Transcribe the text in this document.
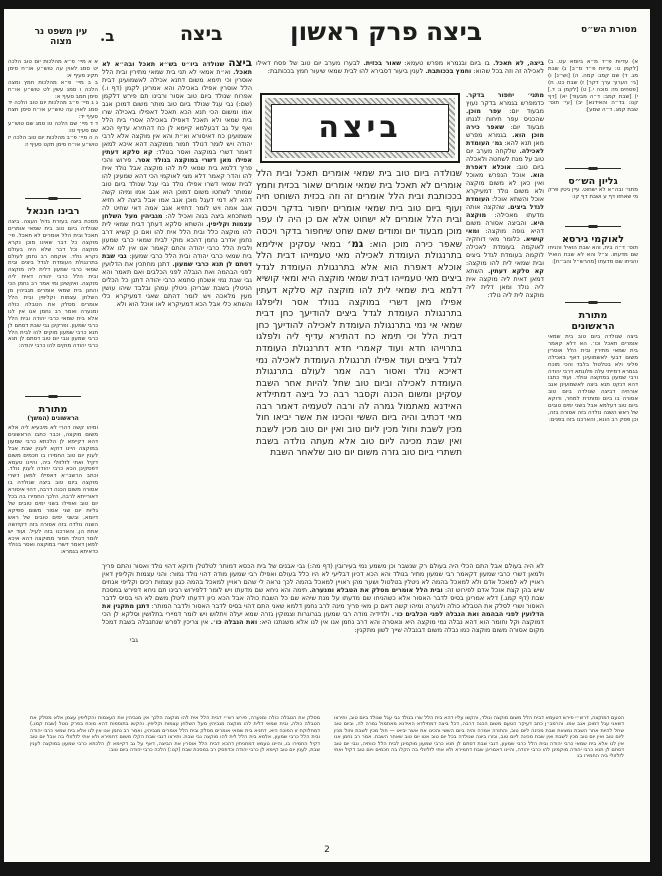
עין משפט נר מצוה	ב.	ביצה	פרק ראשון ביצה	מסורת הש״ס
א) עדיות פ״ד מ״א ביומא עט. ב) [לקמן ט: עדיות פ״ד מ״ב] ג) שבת מג. ד) שם קמג: קמה. ה) [וש״נ] ו) [גי׳ הערוך ערך דקר] ז) שבת כט. ח) [פסחים מז: סוכה י.] ט) [לקמן ג: ד.] י) [שבת קמב: ד״ה מבעוד] יא) [דף קנו: בד״ה והאידנא] יב) [עי׳ תוס׳ שבת קמג. ד״ה שמע]:
גליון הש״ס
מתני׳ ובה״א לא ישחוט. עיין גיטין פרק מי שאחזו דף ע ושבת דף קו:
לאוקמי גירסא
תוס׳ ד״ה בית, והא שבת הואיל והניחו שם מדעתו. צ״ל והא לא שבת הואיל והניחו שם מדעתו [מהרש״ל והב״ח]:
מתורת
הראשונים
ביצה שנולדה ביום טוב בית שמאי אומרים תאכל וכו׳. הא דלא קאמר בית שמאי מתירין ובית הלל אוסרין משום דבעי לאשמועינן דאף באכילה פליגי ולא בטלטול בלבד והכי מוכח בגמרא דמייתי עלה פלוגתא דרבי יהודה ורבי שמעון במוקצה ונולד. ועוד כתבו דהא דנקט תנא ביצה לאשמועינן אגב אורחיה דביצה שנולדה ביום טוב אסורה בו ביום ומותרת למחר, ודוקא ביום טוב דעלמא אבל בשני ימים טובים של ראש השנה נולדה בזה אסורה בזה, וכן פסק רב הונא, והארכנו בזה בפנים:
ביצה, לא תאכל. בו ביום ובגמרא מפרש טעמא: שאור בכזית. לבערו מערב יום טוב של פסח דאילו לאכילה זה וזה בכל שהוא: וחמץ בככותבת. לענין ביעור דסבירא להו לבית שמאי שיעור חמץ בככותבת:
מתני׳ יחפור בדקר. כדמפרש בגמרא בדקר נעוץ מבעוד יום: עפר מוכן. שהכניס עפר תיחוח לגנתו מבעוד יום: שאפר כירה מוכן הוא. בגמרא מפרש מאן תנא להא: גמ׳ העומדת לאכילה. שלקחה מערב יום טוב על מנת לשחטה ולאכלה ביום טוב: אוכלא דאפרת הוא. אוכל הנפרש מאוכל ואין כאן לא משום מוקצה ולא משום נולד דמעיקרא אוכל והשתא אוכל: העומדת לגדל ביצים. שהקצה אותה מדעתו מאכילה: מוקצה היא. והביצה אסורה משום דהיא גופה מוקצה: ומאי קושיא. כלומר מאי דוחקיה לאוקמה בעומדת לאכילה לוקמה בעומדת לגדל ביצים ובית שמאי לית להו מוקצה: קא סלקא דעתין. השתא דמאן דאית ליה מוקצה אית ליה נולד ומאן דלית ליה מוקצה לית ליה נולד:
ביצה
שנולדה ביום טוב בית שמאי אומרים תאכל ובית הלל אומרים לא תאכל בית שמאי אומרים שאור בכזית וחמץ בככותבת ובית הלל אומרים זה וזה בכזית השוחט חיה ועוף ביום טוב בית שמאי אומרים יחפור בדקר ויכסה ובית הלל אומרים לא ישחוט אלא אם כן היה לו עפר מוכן מבעוד יום ומודים שאם שחט שיחפור בדקר ויכסה שאפר כירה מוכן הוא: גמ׳ במאי עסקינן אילימא בתרנגולת העומדת לאכילה מאי טעמייהו דבית הלל אוכלא דאפרת הוא אלא בתרנגולת העומדת לגדל ביצים מאי טעמייהו דבית שמאי מוקצה היא ומאי קושיא דלמא בית שמאי לית להו מוקצה קא סלקא דעתין אפילו מאן דשרי במוקצה בנולד אסר וליפלגו בתרנגולת העומדת לגדל ביצים להודיעך כחן דבית שמאי אי נמי בתרנגולת העומדת לאכילה להודיעך כחן דבית הלל וכי תימא כח דהתירא עדיף ליה ולפלגו בתרוייהו חדא ועוד קאמרי חדא דתרנגולת העומדת לגדל ביצים ועוד אפילו תרנגולת העומדת לאכילה נמי דאיכא נולד ואסור רבה אמר לעולם בתרנגולת העומדת לאכילה וביום טוב שחל להיות אחר השבת עסקינן ומשום הכנה וקסבר רבה כל ביצה דמתילדא האידנא מאתמול גמרה לה ורבה לטעמיה דאמר רבה מאי דכתיב והיה ביום הששי והכינו את אשר יביאו חול מכין לשבת וחול מכין ליום טוב ואין יום טוב מכין לשבת ואין שבת מכינה ליום טוב אלא מעתה נולדה בשבת תשתרי ביום טוב גזרה משום יום טוב שלאחר השבת
ביצה שנולדה ביו״ט בש״א תאכל ובה״א לא תאכל. וא״ת אמאי לא תני בית שמאי מתירין ובית הלל אוסרין וכי תימא משום דתנא אכילה לאשמועינן דבית הלל אוסרין אפילו באכילה והא אמרינן לקמן (דף ו.) אפרוח שנולד ביום טוב אסור ורבינו תם פירש דלקמן (שם:) גבי עגל שנולד ביום טוב מותר משום דמוכן אגב אמו ומשום הכי תנא הכא תאכל דאפילו באכילה שרו בית שמאי ולא תאכל דאפילו באכילה אסרי בית הלל ואף על גב דבעלמא קיימא לן כח דהתירא עדיף הכא אשמועינן כח דאיסורא וא״ת והא אין מוקצה אלא לרבי יהודה ויש לומר דנולד חמור ממוקצה דהא איכא למאן דאמר דשרי במוקצה ואסר בנולד: קא סלקא דעתין אפילו מאן דשרי במוקצה בנולד אסר. פירוש והכי פריך דלמא בית שמאי לית להו מוקצה אבל נולד אית להו והדר קאמר דלא מצי לאוקמי הכי דהא שמעינן להו לבית שמאי דשרו אפילו נולד גבי עגל שנולד ביום טוב שמותר לשחטו משום דמוכן הוא אגב אמו ומיהו קשה דהא לא דמי דעגל מוכן אגב אמו אבל ביצה לא חזיא אגב אמה ויש לומר דחזיא אגב אמה דאי שחיט לה משתכחא ביצה בגוה ואכיל לה: מגביהין מעל השלחן עצמות וקליפין. והשתא סלקא דעתך דבית שמאי לית להו מוקצה כלל ובית הלל אית להו ואם כן קשיא דרב נחמן אדרב נחמן דהכא מוקי לבית שמאי כרבי שמעון ולבית הלל כרבי יהודה והתם קאמר אנו אין לנו אלא בית שמאי כרבי יהודה ובית הלל כרבי שמעון: גבי שבת דסתם לן תנא כרבי שמעון. דתנן מחתכין את הדלועין לפני הבהמה ואת הנבלה לפני הכלבים ואם תאמר והא גבי שבת נמי אשכחן סתמא כרבי יהודה דתנן כל הכלים הניטלין בשבת שבריהן ניטלין עמהן ובלבד שיהו עושין מעין מלאכה ויש לומר דהתם שאני דמעיקרא כלי והשתא כלי אבל הכא דמעיקרא לאו אוכל הוא ולא
לא היה בעולם אבל התם הכלי היה בעולם רק שנשבר וכן משמע נמי בעירובין (דף מה:) גבי אבנים של בית הכסא דמותר לטלטלן ודוקא דהוי נולד ואסור והתם פריך ולמאן דשרי כרבי שמעון דקאמר רבי שמעון מתיר בנולד והא הכא דכיון דבליעי לא היו כלל בעולם ואפילו רבי שמעון מודה דהוי נולד גמור: והני עצמות וקליפין דאין ראויין לא למאכל אדם ולא למאכל בהמה לא ניטלין בטלטול ושער מהן ראויין למאכל בהמה לכך נראה לי שהם ראויין למאכל בהמה כגון עצמות רכים וקליפי אגוזים שיש בהן קצת אוכל אדם לפירוש זה: ובית הלל אומרים מסלק את הטבלא ומנערה. תימה והא ניחא שם מדעתו ויש לומר דלפירוש רבינו תם ניחא דפירש במסכת שבת (דף קמג.) דלא אמרינן בסיס לדבר האסור אלא כשהניחו שם מדעתו על מנת שיהא שם כל השבת כולה אבל הכא כיון דדעתו ליטלן משם לא הוי בסיס לדבר האסור ושרי לסלק את הטבלא כולה ולנערה ומיהו קשה דאם כן מאי פריך מינה לרב נחמן דלמא שאני התם דהוי בסיס לדבר האסור ולדבר המותר: דתנן מתקנין את הדלועין לפני הבהמה ואת הנבלה לפני הכלבים כו׳. ולדידיה מודה רבי שמעון בגרוגרות וצמוקין גזרה שמא יעלה ויתלוש ויש לומר דמיירי בתלושין וסלקא לן הכי דמוקצה וקל וחומר הוא דהא נבלה נמי מוקצה היא ונאסרה והא דרב נחמן אנו אין לנו אלא משנתנו היא: ואת הנבלה כו׳. אין צריכין לפרש שנתנבלה בשבת דמכל מקום אסורה משום מוקצה כמו נבלה משום דבנבלה שייך לשון מתקנין:
גבי
א א מיי׳ פ״א מהלכות יום טוב הלכה יט סמג לאוין עה טוש״ע או״ח סימן תקיג סעיף א:
ב ב מיי׳ פ״א מהלכות חמץ ומצה הלכה ו סמג עשין לט טוש״ע או״ח סימן תמב סעיף א:
ג ג מיי׳ פ״ב מהלכות יום טוב הלכה יד סמג לאוין עה טוש״ע או״ח סימן תצח סעיף יד:
ד ד מיי׳ שם הלכה טו סמג שם טוש״ע שם סעיף טו:
ה ה מיי׳ פ״ב מהלכות יום טוב הלכה יז טוש״ע או״ח סימן תקט סעיף ז:
רבינו חננאל
מסכת ביצה בעזרת גדול העצה. ביצה שנולדה ביום טוב בית שמאי אומרים תאכל ובית הלל אומרים לא תאכל. פי׳ מוקצה כל דבר שאינו מוכן נקרא מוקצה וכל דבר שלא היה בעולם נקרא נולד. אוקמה רב נחמן לעולם בתרנגולת העומדת לגדל ביצים ובית שמאי כרבי שמעון דלית ליה מוקצה ובית הלל כרבי יהודה דאית ליה מוקצה. ואקשינן ומי אמר רב נחמן הכי והתנן בית שמאי אומרים מגביהין מן השלחן עצמות וקליפין ובית הלל אומרים מסלק את הטבלה כולה ומנערה ואמר רב נחמן אנו אין לנו אלא בית שמאי כרבי יהודה ובית הלל כרבי שמעון. ופרקינן גבי שבת דסתם לן תנא כרבי שמעון מוקים להו לבית הלל כרבי שמעון וגבי יום טוב דסתם לן תנא כרבי יהודה מוקים להו כרבי יהודה:
מתורת
הראשונים (המשך)
ומיהו קשה דהרי לא מיבעיא ליה אלא משום מוקצה, וכבר כתבו הראשונים דהא דקיימא לן הלכתא כרבי שמעון במוקצה היינו דוקא לענין שבת אבל לענין יום טוב החמירו בו חכמים משום דקיל ואתי לזלזולי ביה, והיינו טעמא דפסקינן הכא כרבי יהודה לענין נולד. וכתב הרשב״א דאפילו למאן דשרי מוקצה ביום טוב ביצה שנולדה בו אסורה משום הכנה דרבה, דהוי איסורא דאורייתא לרבה, הלכך החמירו בה בכל יום טוב ואפילו בשני ימים טובים של גליות יום שני אסור משום ספיקא דיומא, ובשני ימים טובים של ראש השנה נולדה בזה אסורה בזה דקדושה אחת הן, והארכנו בזה לעיל. ועוד יש לומר דנולד חמור ממוקצה דהא איכא למאן דאמר דשרי במוקצה ואסר בנולד כדאיתא בגמרא:
הטעם דמוקצה, דרש״י פירש דטעמא דבית הלל משום מוקצה ונולד, והקשו עליו דהא בית הלל שרו בנולד גבי עגל שנולד ביום טוב, ותירצו דשאני עגל דמוכן אגב אמו. והרמב״ן כתב דעיקר הטעם משום הכנה דרבה, דכל ביצה דמתילדא האידנא מאתמול גמרה לה, וביום טוב שחל להיות אחר השבת נמצאת שבת מכינה ליום טוב, והתורה אמרה והיה ביום הששי והכינו את אשר יביאו — חול מכין לשבת וחול מכין ליום טוב ואין יום טוב מכין לשבת ואין שבת מכינה ליום טוב, וגזרו ביצה שנולדה בכל יום טוב אטו יום טוב שאחר השבת. אמר רב נחמן אנו אין לנו אלא בית שמאי כרבי יהודה ובית הלל כרבי שמעון, דגבי שבת דסתם לן תנא כרבי שמעון מוקמינן לבית הלל כוותיה, וגבי יום טוב דסתם לן תנא כרבי יהודה מוקמינן להו כרבי יהודה, והיינו דאמרינן שבת דחמירא ולא אתי לזלזולי בה הקלו בה חכמים ויום טוב דקיל ואתי לזלזולי ביה החמירו בו:
מסלק את הטבלה כולה ומנערה, פירש רש״י דבית הלל אית להו מוקצה הלכך אין מגביהין את העצמות והקליפין עצמן אלא מסלק את הטבלה כולה, ובית שמאי דלית להו מוקצה מגביהין מעל השלחן עצמות וקליפין. והקשו בתוספות דהא מוכח בפרק נוטל (שבת קמג.) דמחלוקת זו הפוכה היא, דתניא בית שמאי אומרים מסלק ובית הלל אומרים מגביהין, ואמר רב נחמן אנו אין לנו אלא בית שמאי כרבי יהודה ובית הלל כרבי שמעון, אלמא בית הלל לית להו מוקצה גבי שבת. ותירצו דגבי שבת הקלו משום דחמירא ולא אתי לזלזולי בה אבל יום טוב דקיל החמירו בו, והיינו טעמא דמתניתין דהכא דבית הלל אוסרין את הביצה, דאף על גב דקיימא לן הלכתא כרבי שמעון במוקצה לענין שבת, לענין יום טוב קיימא לן כרבי יהודה וכדפסק רב במסכת שבת (קנו:) הלכה כרבי יהודה ביום טוב:
2
